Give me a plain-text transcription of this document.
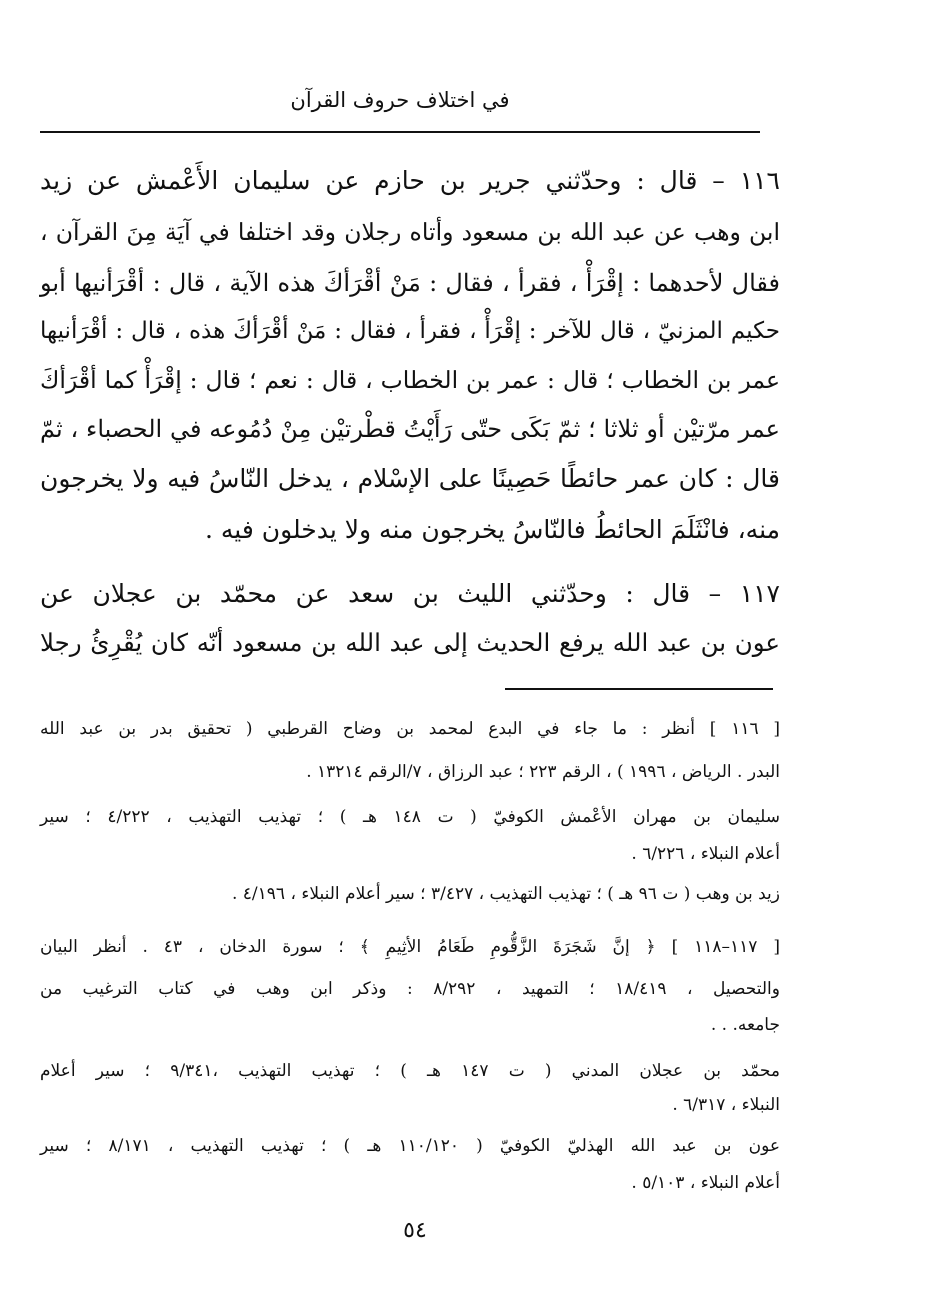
في اختلاف حروف القرآن
١١٦ – قال : وحدّثني جرير بن حازم عن سليمان الأَعْمش عن زيد
ابن وهب عن عبد الله بن مسعود وأتاه رجلان وقد اختلفا في آيَة مِنَ القرآن ،
فقال لأحدهما : إقْرَأْ ، فقرأ ، فقال : مَنْ أقْرَأكَ هذه الآية ، قال : أقْرَأنيها أبو
حكيم المزنيّ ، قال للآخر : إقْرَأْ ، فقرأ ، فقال : مَنْ أقْرَأكَ هذه ، قال : أقْرَأنيها
عمر بن الخطاب ؛ قال : عمر بن الخطاب ، قال : نعم ؛ قال : إقْرَأْ كما أقْرَأكَ
عمر مرّتيْن أو ثلاثا ؛ ثمّ بَكَى حتّى رَأَيْتُ قطْرتيْن مِنْ دُمُوعه في الحصباء ، ثمّ
قال : كان عمر حائطًا حَصِينًا على الإسْلام ، يدخل النّاسُ فيه ولا يخرجون
منه، فانْثَلَمَ الحائطُ فالنّاسُ يخرجون منه ولا يدخلون فيه .
١١٧ – قال : وحدّثني الليث بن سعد عن محمّد بن عجلان عن
عون بن عبد الله يرفع الحديث إلى عبد الله بن مسعود أنّه كان يُقْرِئُ رجلا
[ ١١٦ ] أنظر : ما جاء في البدع لمحمد بن وضاح القرطبي ( تحقيق بدر بن عبد الله
البدر . الرياض ، ١٩٩٦ ) ، الرقم ٢٢٣ ؛ عبد الرزاق ، ٧/الرقم ١٣٢١٤ .
سليمان بن مهران الأعْمش الكوفيّ ( ت ١٤٨ هـ ) ؛ تهذيب التهذيب ، ٤/٢٢٢ ؛ سير
أعلام النبلاء ، ٦/٢٢٦ .
زيد بن وهب ( ت ٩٦ هـ ) ؛ تهذيب التهذيب ، ٣/٤٢٧ ؛ سير أعلام النبلاء ، ٤/١٩٦ .
[ ١١٧–١١٨ ] ﴿ إنَّ شَجَرَةَ الزَّقُّومِ طَعَامُ الأثِيمِ ﴾ ؛ سورة الدخان ، ٤٣ . أنظر البيان
والتحصيل ، ١٨/٤١٩ ؛ التمهيد ، ٨/٢٩٢ : وذكر ابن وهب في كتاب الترغيب من
جامعه. . .
محمّد بن عجلان المدني ( ت ١٤٧ هـ ) ؛ تهذيب التهذيب ،٩/٣٤١ ؛ سير أعلام
النبلاء ، ٦/٣١٧ .
عون بن عبد الله الهذليّ الكوفيّ ( ١١٠/١٢٠ هـ ) ؛ تهذيب التهذيب ، ٨/١٧١ ؛ سير
أعلام النبلاء ، ٥/١٠٣ .
٥٤
